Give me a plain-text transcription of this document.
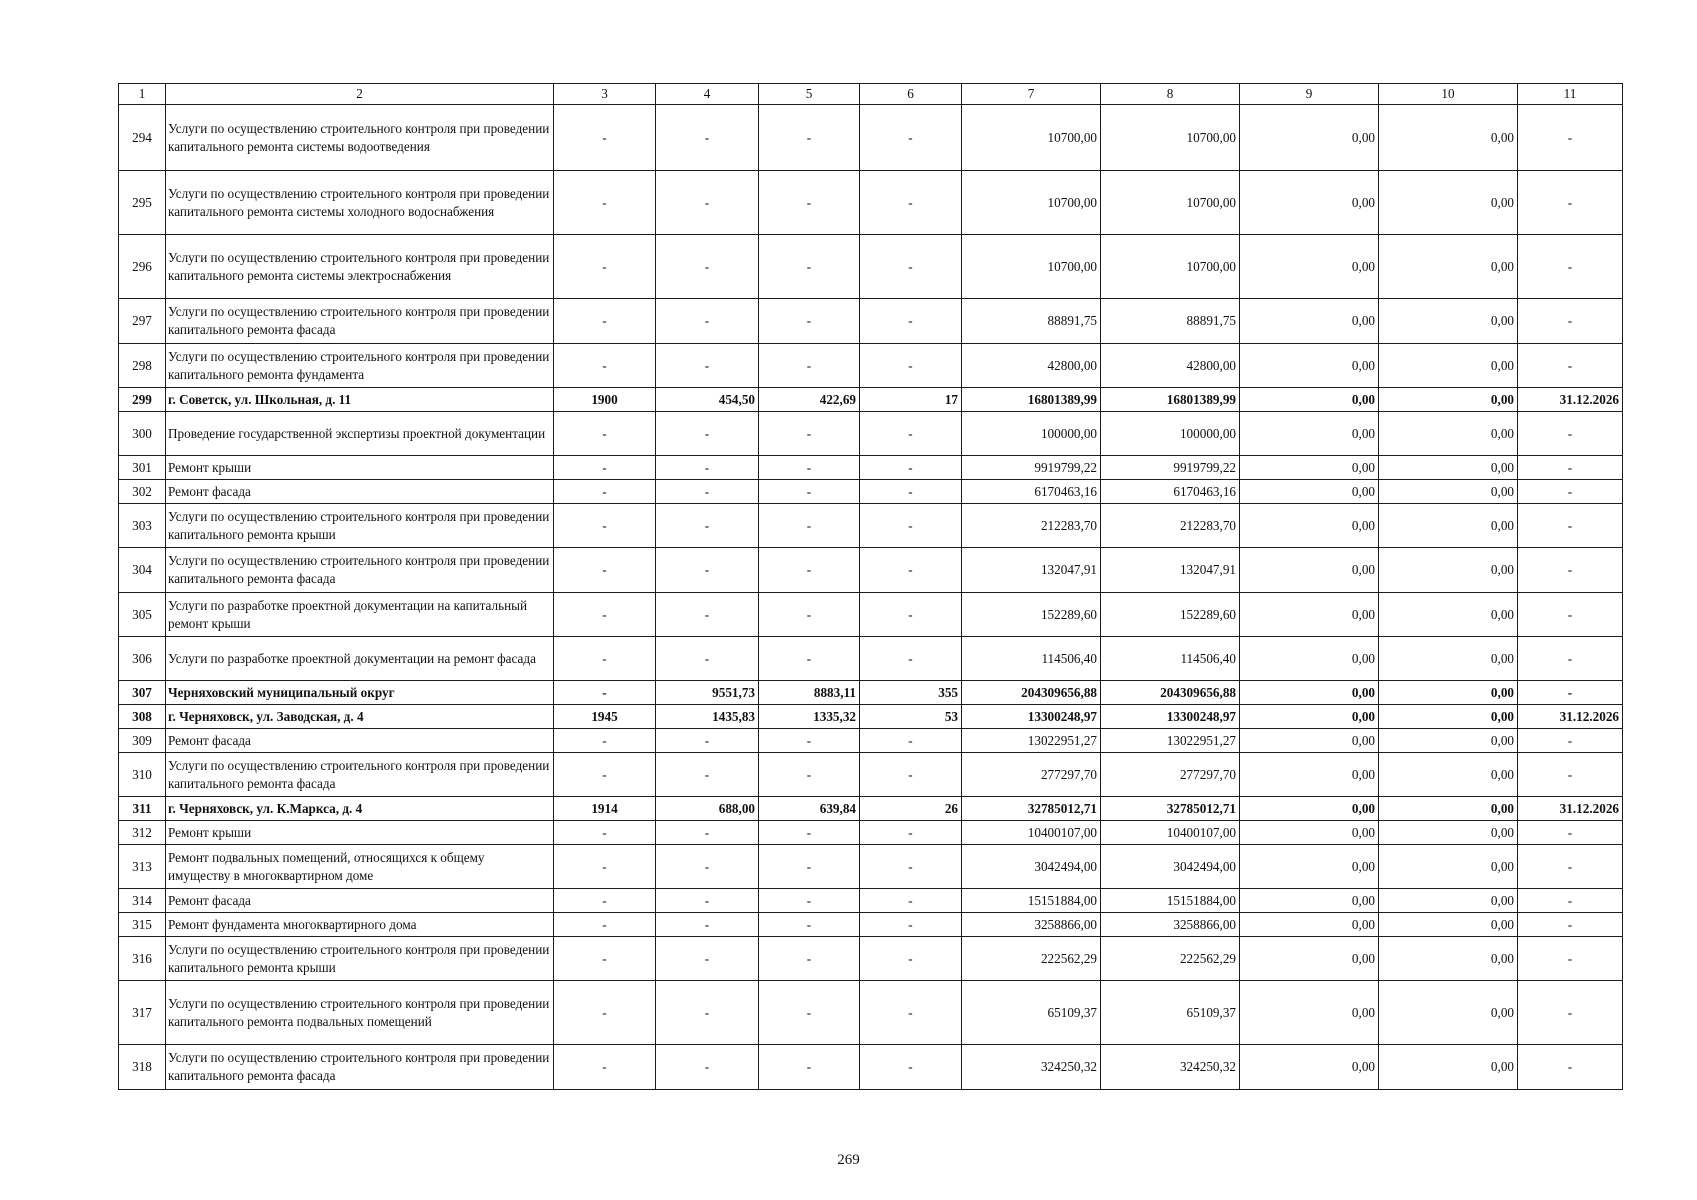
1	2	3	4	5	6	7	8	9	10	11
294	Услуги по осуществлению строительного контроля при проведении капитального ремонта системы водоотведения	-	-	-	-	10700,00	10700,00	0,00	0,00	-
295	Услуги по осуществлению строительного контроля при проведении капитального ремонта системы холодного водоснабжения	-	-	-	-	10700,00	10700,00	0,00	0,00	-
296	Услуги по осуществлению строительного контроля при проведении капитального ремонта системы электроснабжения	-	-	-	-	10700,00	10700,00	0,00	0,00	-
297	Услуги по осуществлению строительного контроля при проведении капитального ремонта фасада	-	-	-	-	88891,75	88891,75	0,00	0,00	-
298	Услуги по осуществлению строительного контроля при проведении капитального ремонта фундамента	-	-	-	-	42800,00	42800,00	0,00	0,00	-
299	г. Советск, ул. Школьная, д. 11	1900	454,50	422,69	17	16801389,99	16801389,99	0,00	0,00	31.12.2026
300	Проведение государственной экспертизы проектной документации	-	-	-	-	100000,00	100000,00	0,00	0,00	-
301	Ремонт крыши	-	-	-	-	9919799,22	9919799,22	0,00	0,00	-
302	Ремонт фасада	-	-	-	-	6170463,16	6170463,16	0,00	0,00	-
303	Услуги по осуществлению строительного контроля при проведении капитального ремонта крыши	-	-	-	-	212283,70	212283,70	0,00	0,00	-
304	Услуги по осуществлению строительного контроля при проведении капитального ремонта фасада	-	-	-	-	132047,91	132047,91	0,00	0,00	-
305	Услуги по разработке проектной документации на капитальный ремонт крыши	-	-	-	-	152289,60	152289,60	0,00	0,00	-
306	Услуги по разработке проектной документации на ремонт фасада	-	-	-	-	114506,40	114506,40	0,00	0,00	-
307	Черняховский муниципальный округ	-	9551,73	8883,11	355	204309656,88	204309656,88	0,00	0,00	-
308	г. Черняховск, ул. Заводская, д. 4	1945	1435,83	1335,32	53	13300248,97	13300248,97	0,00	0,00	31.12.2026
309	Ремонт фасада	-	-	-	-	13022951,27	13022951,27	0,00	0,00	-
310	Услуги по осуществлению строительного контроля при проведении капитального ремонта фасада	-	-	-	-	277297,70	277297,70	0,00	0,00	-
311	г. Черняховск, ул. К.Маркса, д. 4	1914	688,00	639,84	26	32785012,71	32785012,71	0,00	0,00	31.12.2026
312	Ремонт крыши	-	-	-	-	10400107,00	10400107,00	0,00	0,00	-
313	Ремонт подвальных помещений, относящихся к общему имуществу в многоквартирном доме	-	-	-	-	3042494,00	3042494,00	0,00	0,00	-
314	Ремонт фасада	-	-	-	-	15151884,00	15151884,00	0,00	0,00	-
315	Ремонт фундамента многоквартирного дома	-	-	-	-	3258866,00	3258866,00	0,00	0,00	-
316	Услуги по осуществлению строительного контроля при проведении капитального ремонта крыши	-	-	-	-	222562,29	222562,29	0,00	0,00	-
317	Услуги по осуществлению строительного контроля при проведении капитального ремонта подвальных помещений	-	-	-	-	65109,37	65109,37	0,00	0,00	-
318	Услуги по осуществлению строительного контроля при проведении капитального ремонта фасада	-	-	-	-	324250,32	324250,32	0,00	0,00	-
269
